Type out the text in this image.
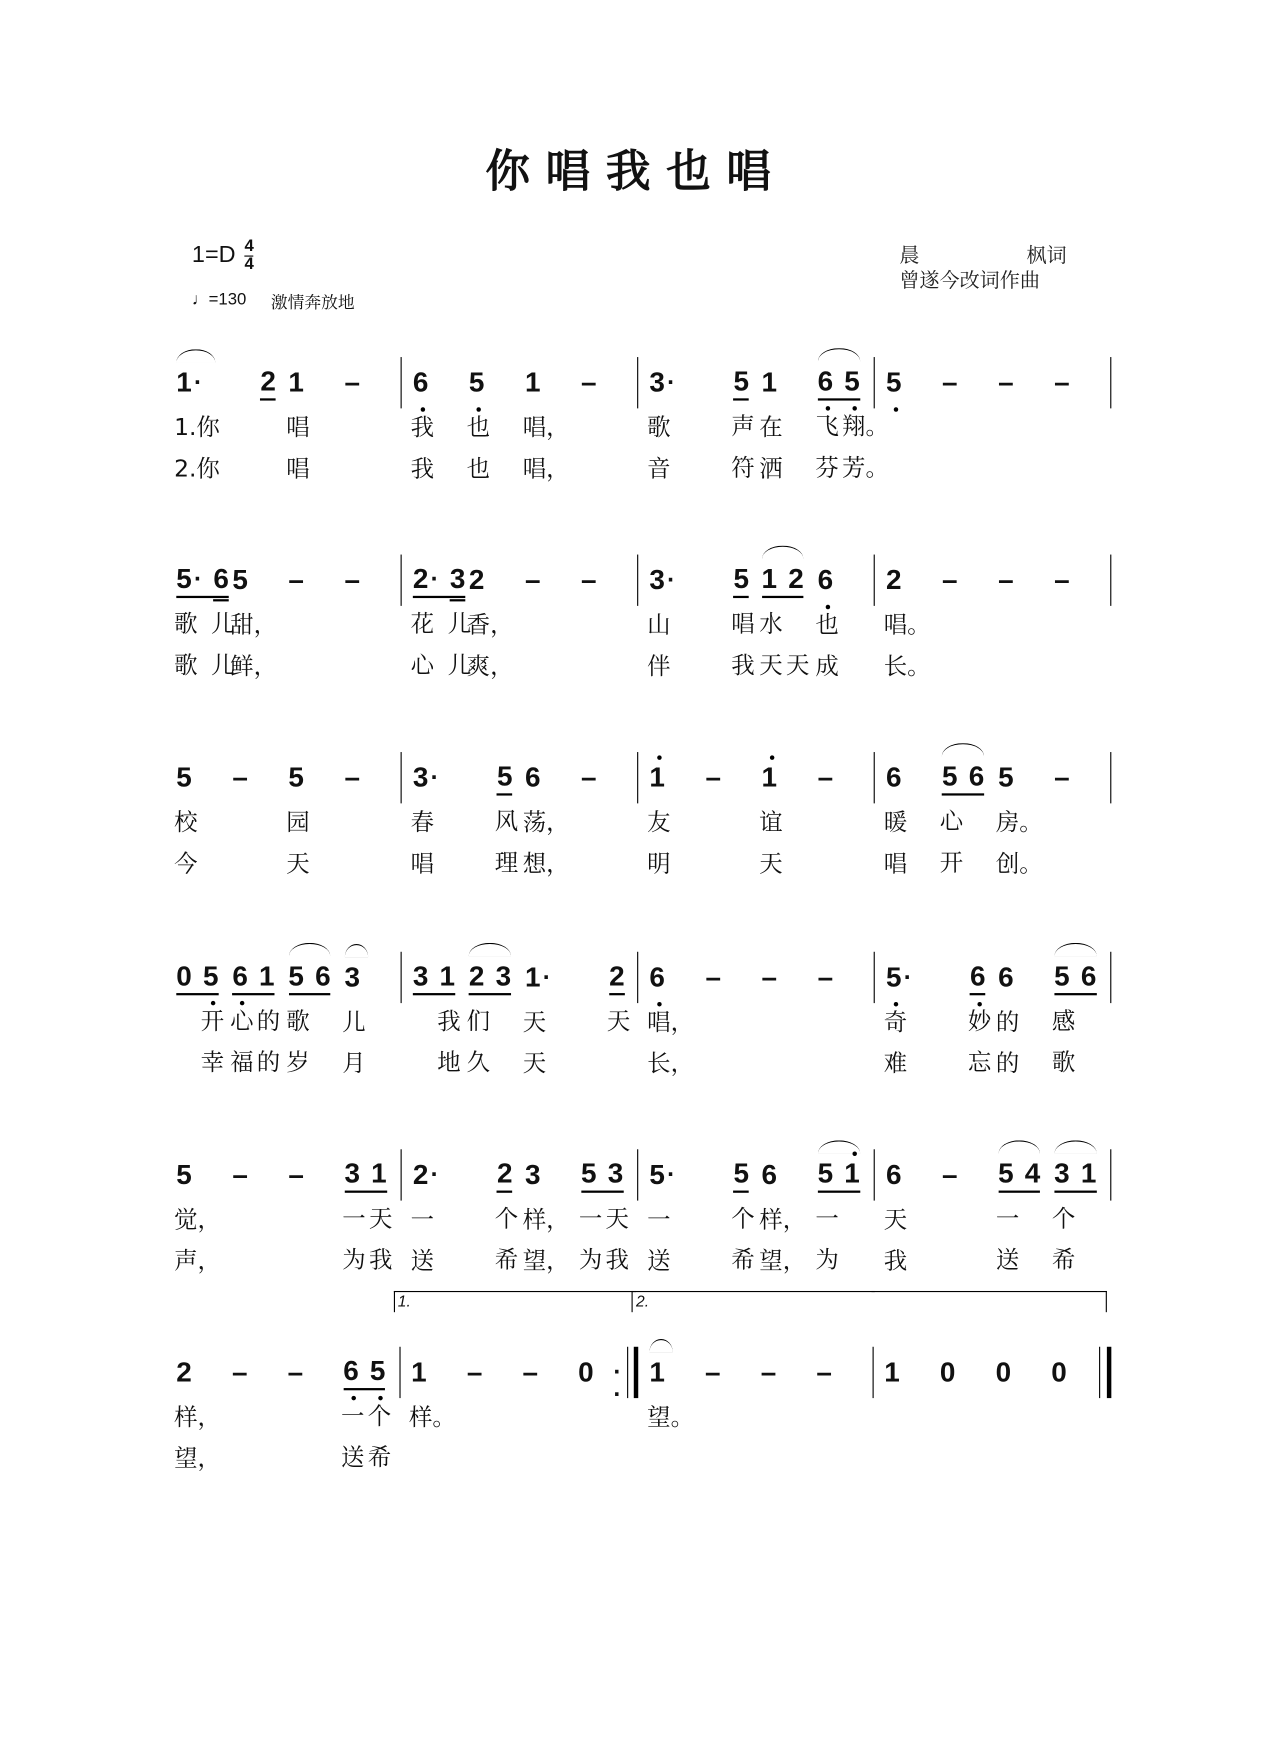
你唱我也唱
$1=D \frac{4}{4}$
♩=130 激情奔放地
晨	枫词
曾遂今改词作曲
1 ·
1.你
2.你
2 1
唱
唱
– 6
我
我
5
也
也
1
唱，
唱，
– 3 ·
歌
音
5
声
符
1
在
洒
6
飞
芬
5
翔。
芳。
5 – – –
5 ·
歌
歌
6
儿
儿
5
甜，
鲜，
– – 2 ·
花
心
3
儿
儿
2
香，
爽，
– – 3 ·
山
伴
5
唱
我
1
水
天
2
天
6
也
成
2
唱。
长。
– – –
5
校
今
– 5
园
天
– 3 ·
春
唱
5
风
理
6
荡，
想，
– 1
友
明
– 1
谊
天
– 6
暖
唱
5
心
开
6 5
房。
创。
–
0 5
开
幸
6
心
福
1
的
的
5
歌
岁
6 3
儿
月
3 1
我
地
2
们
久
3 1 ·
天
天
2
天
6
唱，
长，
– – – 5 ·
奇
难
6
妙
忘
6
的
的
5
感
歌
6
5
觉，
声，
– – 3
一
为
1
天
我
2 ·
一
送
2
个
希
3
样，
望，
5
一
为
3
天
我
5 ·
一
送
5
个
希
6
样，
望，
5
一
为
1 6
天
我
– 5
一
送
4 3
个
希
1
2
样，
望，
– – 6
一
送
5
个
希
·
·
1.
1
样。
– – 0
2.
1
望。
– – – 1 0 0 0
